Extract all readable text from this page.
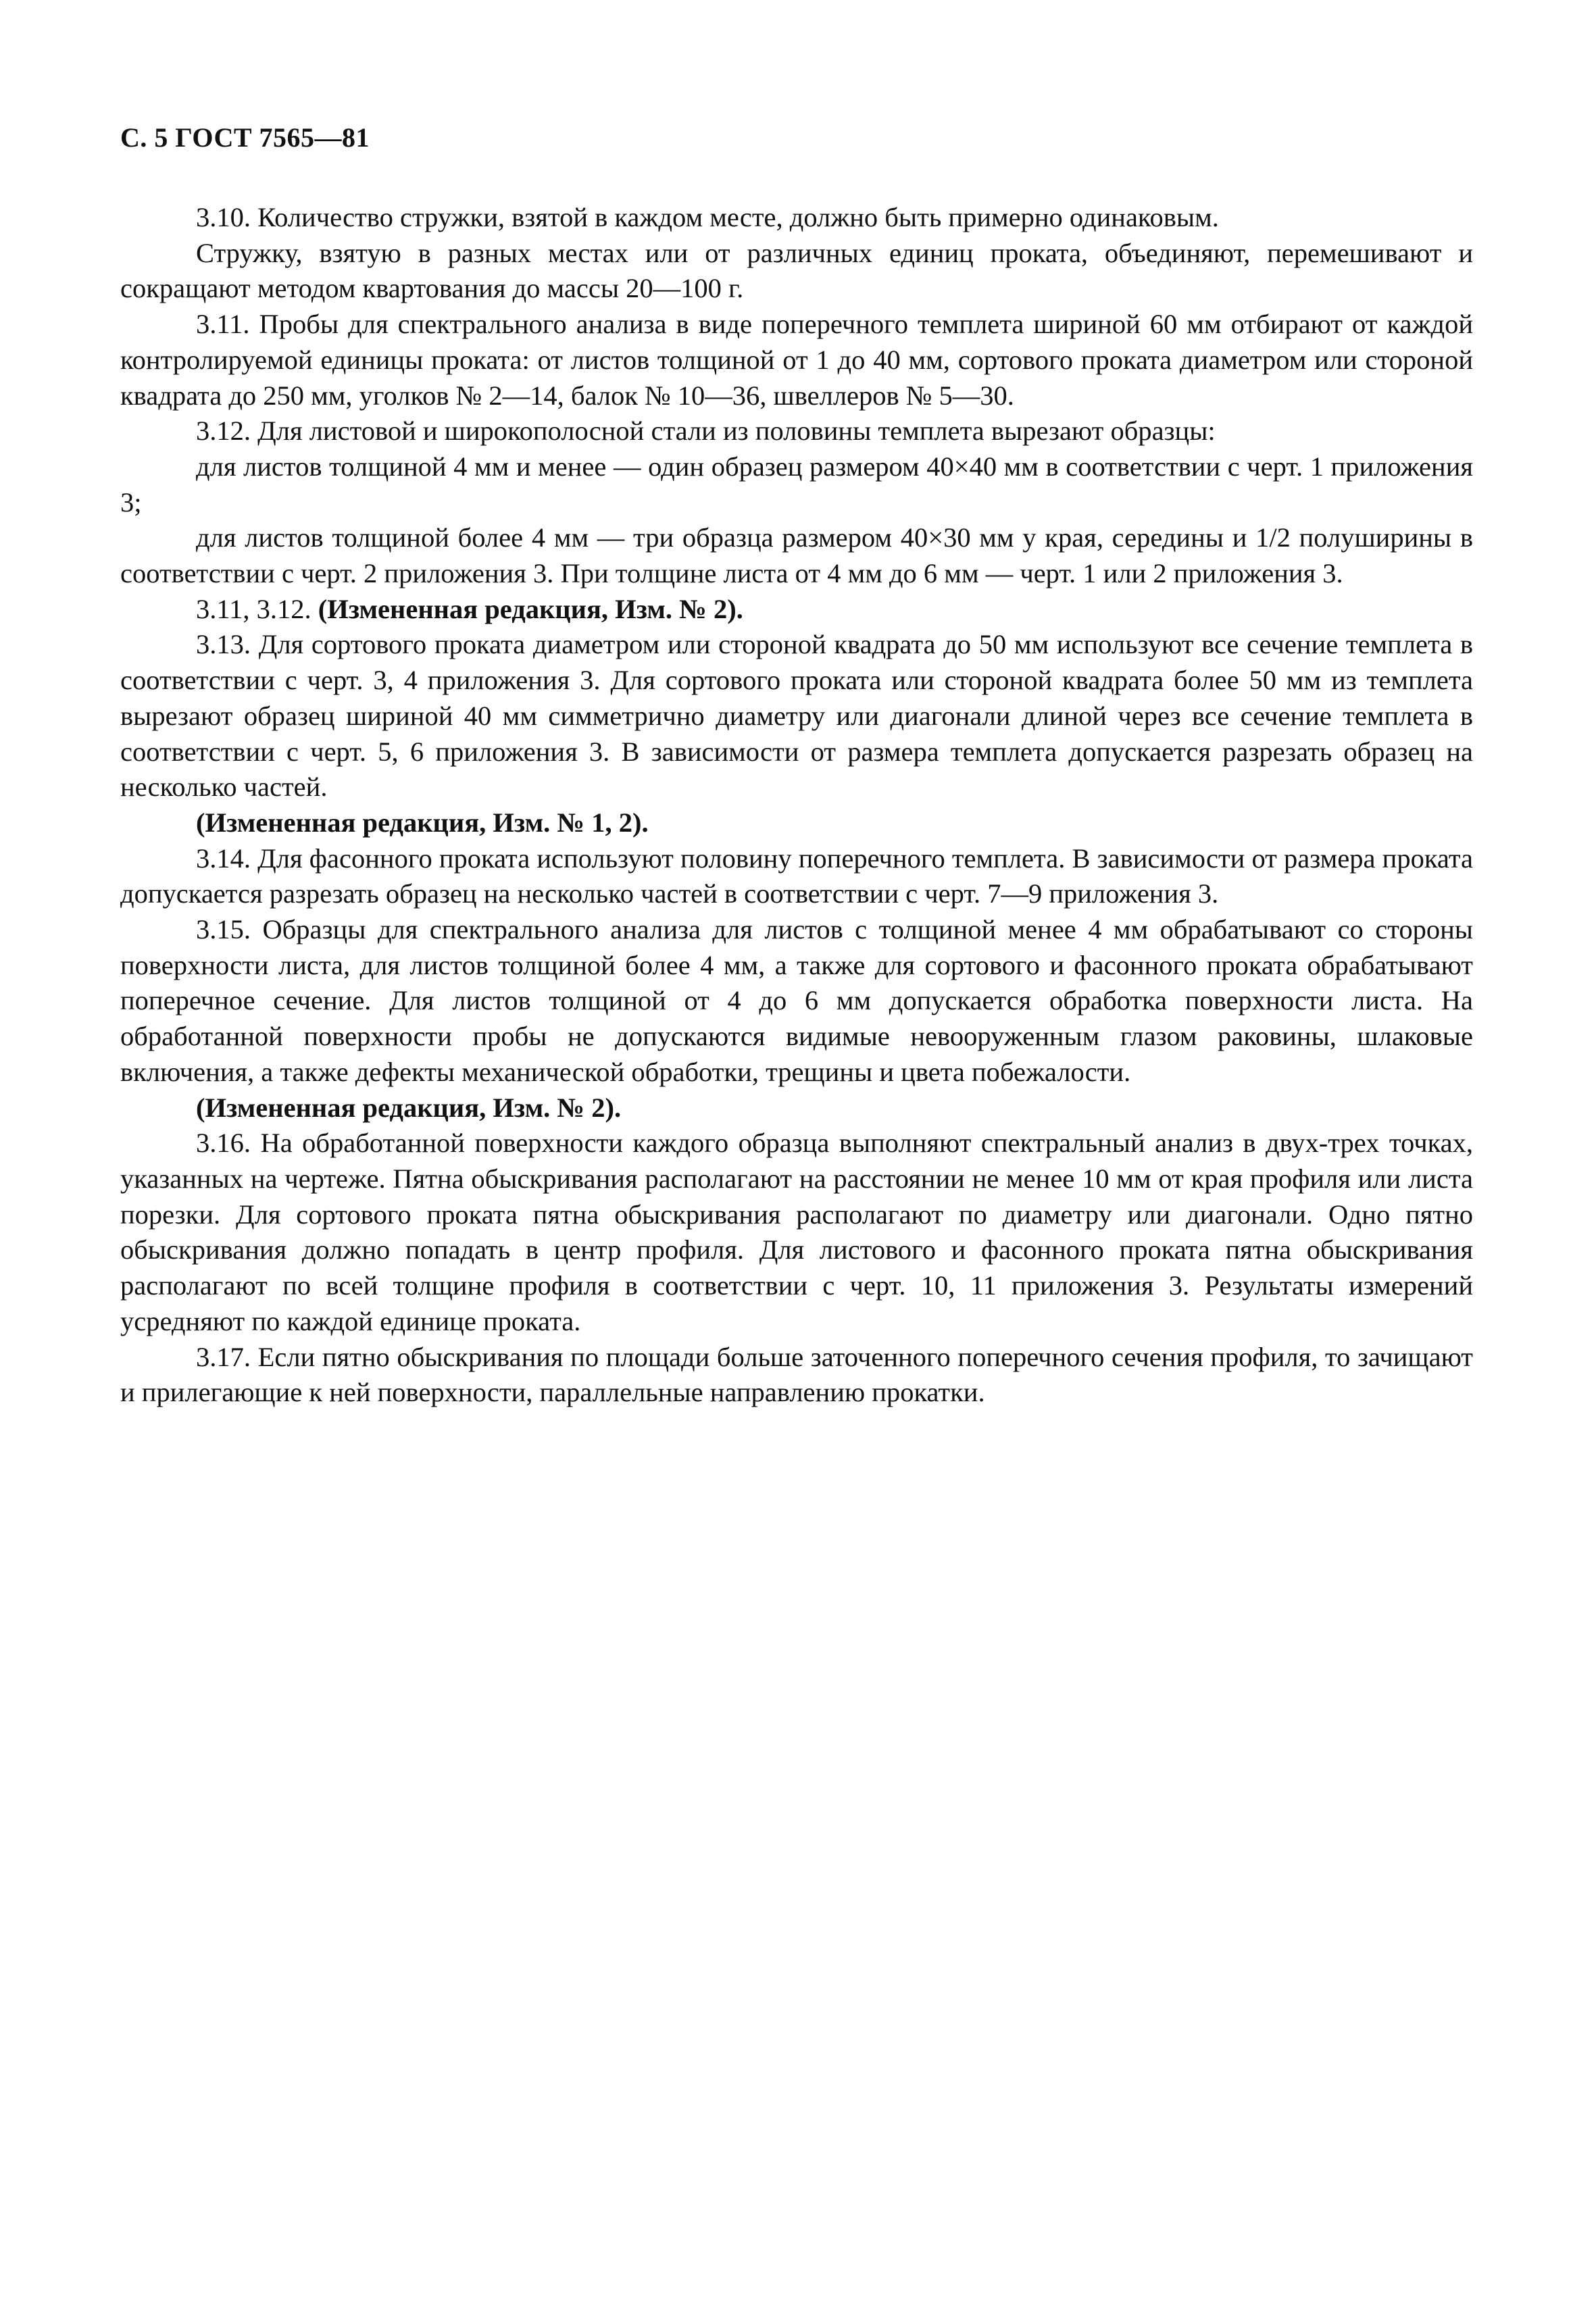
С. 5 ГОСТ 7565—81

3.10. Количество стружки, взятой в каждом месте, должно быть примерно одинаковым.

Стружку, взятую в разных местах или от различных единиц проката, объединяют, перемешивают и сокращают методом квартования до массы 20—100 г.

3.11. Пробы для спектрального анализа в виде поперечного темплета шириной 60 мм отбирают от каждой контролируемой единицы проката: от листов толщиной от 1 до 40 мм, сортового проката диаметром или стороной квадрата до 250 мм, уголков № 2—14, балок № 10—36, швеллеров № 5—30.

3.12. Для листовой и широкополосной стали из половины темплета вырезают образцы:

для листов толщиной 4 мм и менее — один образец размером 40×40 мм в соответствии с черт. 1 приложения 3;

для листов толщиной более 4 мм — три образца размером 40×30 мм у края, середины и 1/2 полуширины в соответствии с черт. 2 приложения 3. При толщине листа от 4 мм до 6 мм — черт. 1 или 2 приложения 3.

3.11, 3.12. (Измененная редакция, Изм. № 2).

3.13. Для сортового проката диаметром или стороной квадрата до 50 мм используют все сечение темплета в соответствии с черт. 3, 4 приложения 3. Для сортового проката или стороной квадрата более 50 мм из темплета вырезают образец шириной 40 мм симметрично диаметру или диагонали длиной через все сечение темплета в соответствии с черт. 5, 6 приложения 3. В зависимости от размера темплета допускается разрезать образец на несколько частей.

(Измененная редакция, Изм. № 1, 2).

3.14. Для фасонного проката используют половину поперечного темплета. В зависимости от размера проката допускается разрезать образец на несколько частей в соответствии с черт. 7—9 приложения 3.

3.15. Образцы для спектрального анализа для листов с толщиной менее 4 мм обрабатывают со стороны поверхности листа, для листов толщиной более 4 мм, а также для сортового и фасонного проката обрабатывают поперечное сечение. Для листов толщиной от 4 до 6 мм допускается обработка поверхности листа. На обработанной поверхности пробы не допускаются видимые невооруженным глазом раковины, шлаковые включения, а также дефекты механической обработки, трещины и цвета побежалости.

(Измененная редакция, Изм. № 2).

3.16. На обработанной поверхности каждого образца выполняют спектральный анализ в двух-трех точках, указанных на чертеже. Пятна обыскривания располагают на расстоянии не менее 10 мм от края профиля или листа порезки. Для сортового проката пятна обыскривания располагают по диаметру или диагонали. Одно пятно обыскривания должно попадать в центр профиля. Для листового и фасонного проката пятна обыскривания располагают по всей толщине профиля в соответствии с черт. 10, 11 приложения 3. Результаты измерений усредняют по каждой единице проката.

3.17. Если пятно обыскривания по площади больше заточенного поперечного сечения профиля, то зачищают и прилегающие к ней поверхности, параллельные направлению прокатки.
